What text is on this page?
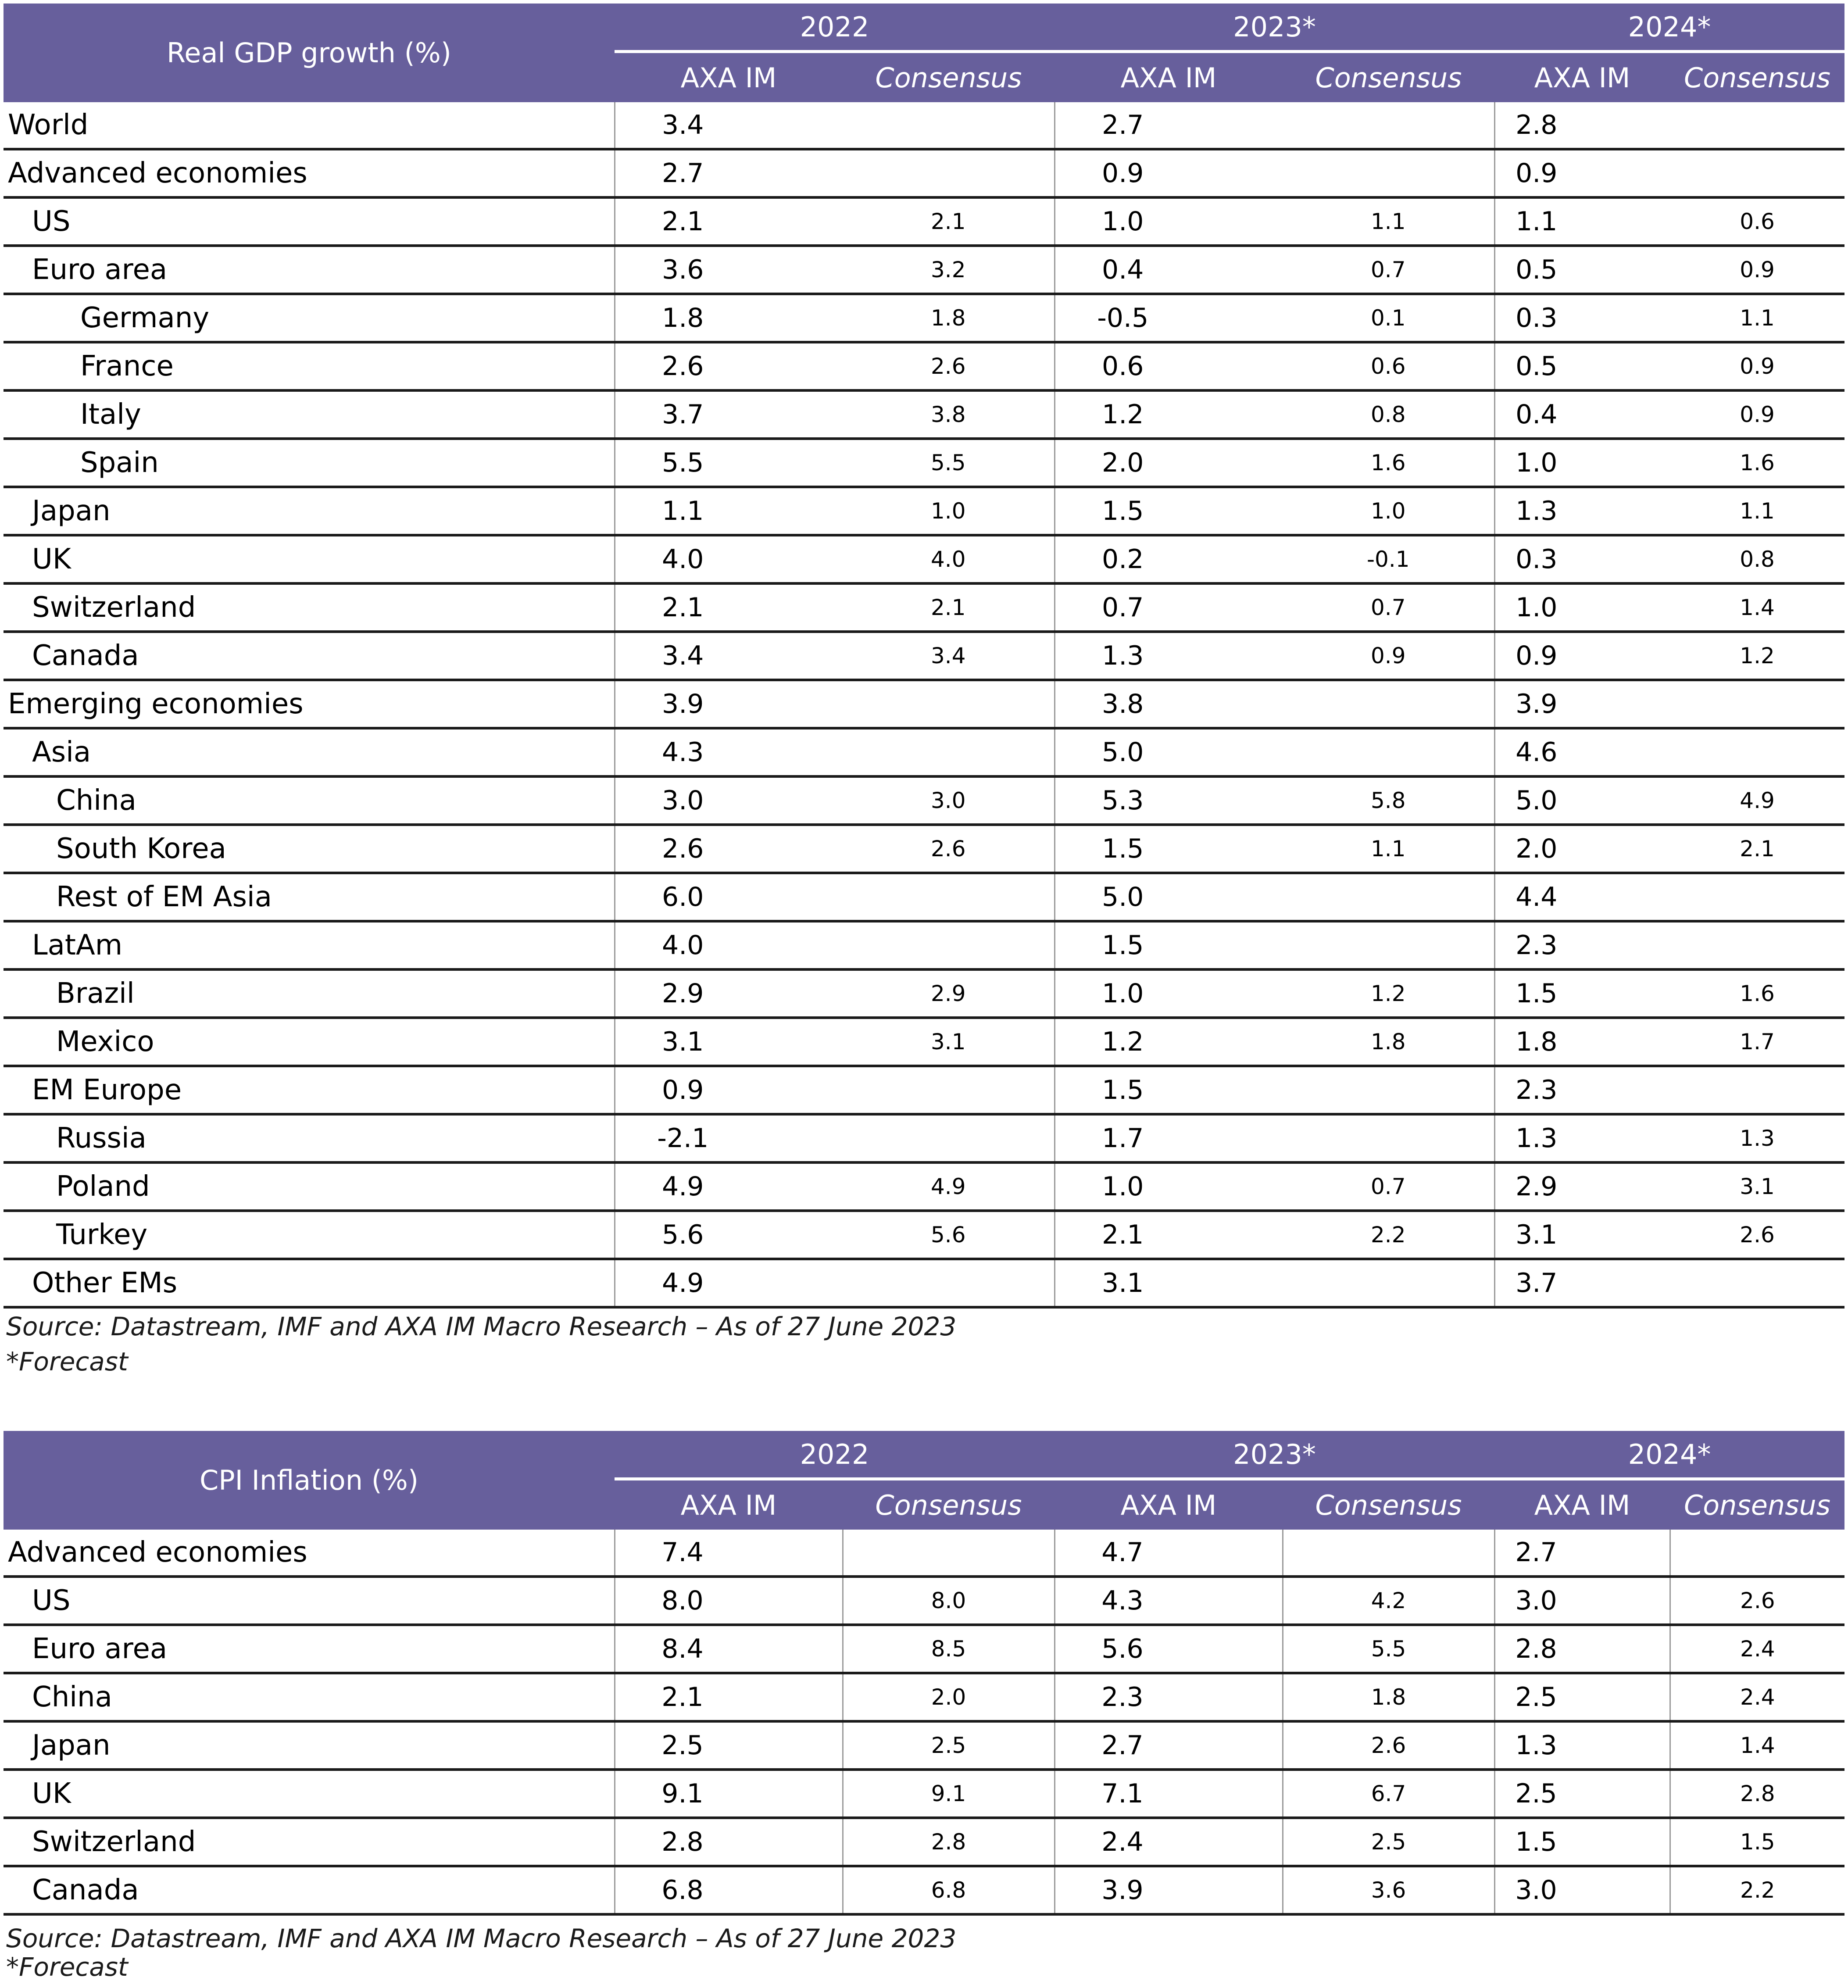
Real GDP growth (%)	2022		2023*		2024*	
	AXA IM	Consensus	AXA IM	Consensus	AXA IM	Consensus
World	3.4		2.7		2.8	
Advanced economies	2.7		0.9		0.9	
US	2.1	2.1	1.0	1.1	1.1	0.6
Euro area	3.6	3.2	0.4	0.7	0.5	0.9
Germany	1.8	1.8	-0.5	0.1	0.3	1.1
France	2.6	2.6	0.6	0.6	0.5	0.9
Italy	3.7	3.8	1.2	0.8	0.4	0.9
Spain	5.5	5.5	2.0	1.6	1.0	1.6
Japan	1.1	1.0	1.5	1.0	1.3	1.1
UK	4.0	4.0	0.2	-0.1	0.3	0.8
Switzerland	2.1	2.1	0.7	0.7	1.0	1.4
Canada	3.4	3.4	1.3	0.9	0.9	1.2
Emerging economies	3.9		3.8		3.9	
Asia	4.3		5.0		4.6	
China	3.0	3.0	5.3	5.8	5.0	4.9
South Korea	2.6	2.6	1.5	1.1	2.0	2.1
Rest of EM Asia	6.0		5.0		4.4	
LatAm	4.0		1.5		2.3	
Brazil	2.9	2.9	1.0	1.2	1.5	1.6
Mexico	3.1	3.1	1.2	1.8	1.8	1.7
EM Europe	0.9		1.5		2.3	
Russia	-2.1		1.7		1.3	1.3
Poland	4.9	4.9	1.0	0.7	2.9	3.1
Turkey	5.6	5.6	2.1	2.2	3.1	2.6
Other EMs	4.9		3.1		3.7	
Source: Datastream, IMF and AXA IM Macro Research – As of 27 June 2023
*Forecast
CPI Inflation (%)	2022		2023*		2024*	
	AXA IM	Consensus	AXA IM	Consensus	AXA IM	Consensus
Advanced economies	7.4		4.7		2.7	
US	8.0	8.0	4.3	4.2	3.0	2.6
Euro area	8.4	8.5	5.6	5.5	2.8	2.4
China	2.1	2.0	2.3	1.8	2.5	2.4
Japan	2.5	2.5	2.7	2.6	1.3	1.4
UK	9.1	9.1	7.1	6.7	2.5	2.8
Switzerland	2.8	2.8	2.4	2.5	1.5	1.5
Canada	6.8	6.8	3.9	3.6	3.0	2.2
Source: Datastream, IMF and AXA IM Macro Research – As of 27 June 2023
*Forecast
